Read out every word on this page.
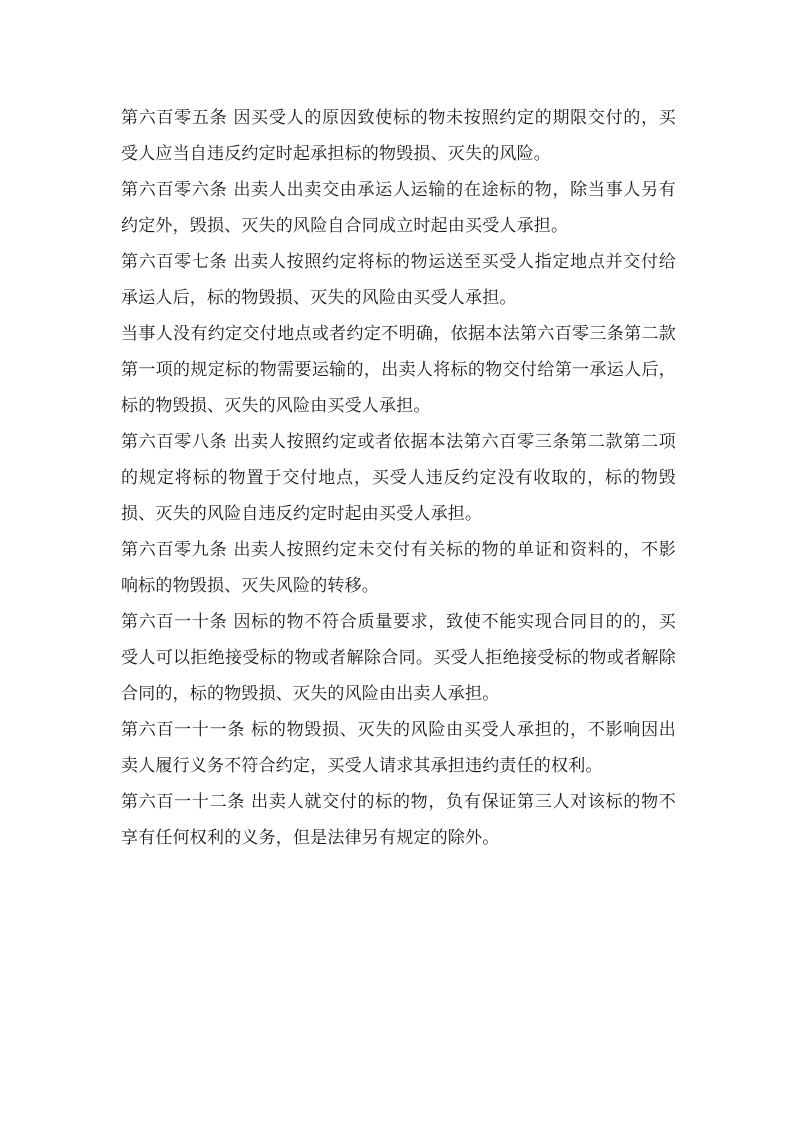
第六百零五条 因买受人的原因致使标的物未按照约定的期限交付的，买受人应当自违反约定时起承担标的物毁损、灭失的风险。

第六百零六条 出卖人出卖交由承运人运输的在途标的物，除当事人另有约定外，毁损、灭失的风险自合同成立时起由买受人承担。

第六百零七条 出卖人按照约定将标的物运送至买受人指定地点并交付给承运人后，标的物毁损、灭失的风险由买受人承担。

当事人没有约定交付地点或者约定不明确，依据本法第六百零三条第二款第一项的规定标的物需要运输的，出卖人将标的物交付给第一承运人后，标的物毁损、灭失的风险由买受人承担。

第六百零八条 出卖人按照约定或者依据本法第六百零三条第二款第二项的规定将标的物置于交付地点，买受人违反约定没有收取的，标的物毁损、灭失的风险自违反约定时起由买受人承担。

第六百零九条 出卖人按照约定未交付有关标的物的单证和资料的，不影响标的物毁损、灭失风险的转移。

第六百一十条 因标的物不符合质量要求，致使不能实现合同目的的，买受人可以拒绝接受标的物或者解除合同。买受人拒绝接受标的物或者解除合同的，标的物毁损、灭失的风险由出卖人承担。

第六百一十一条 标的物毁损、灭失的风险由买受人承担的，不影响因出卖人履行义务不符合约定，买受人请求其承担违约责任的权利。

第六百一十二条 出卖人就交付的标的物，负有保证第三人对该标的物不享有任何权利的义务，但是法律另有规定的除外。
